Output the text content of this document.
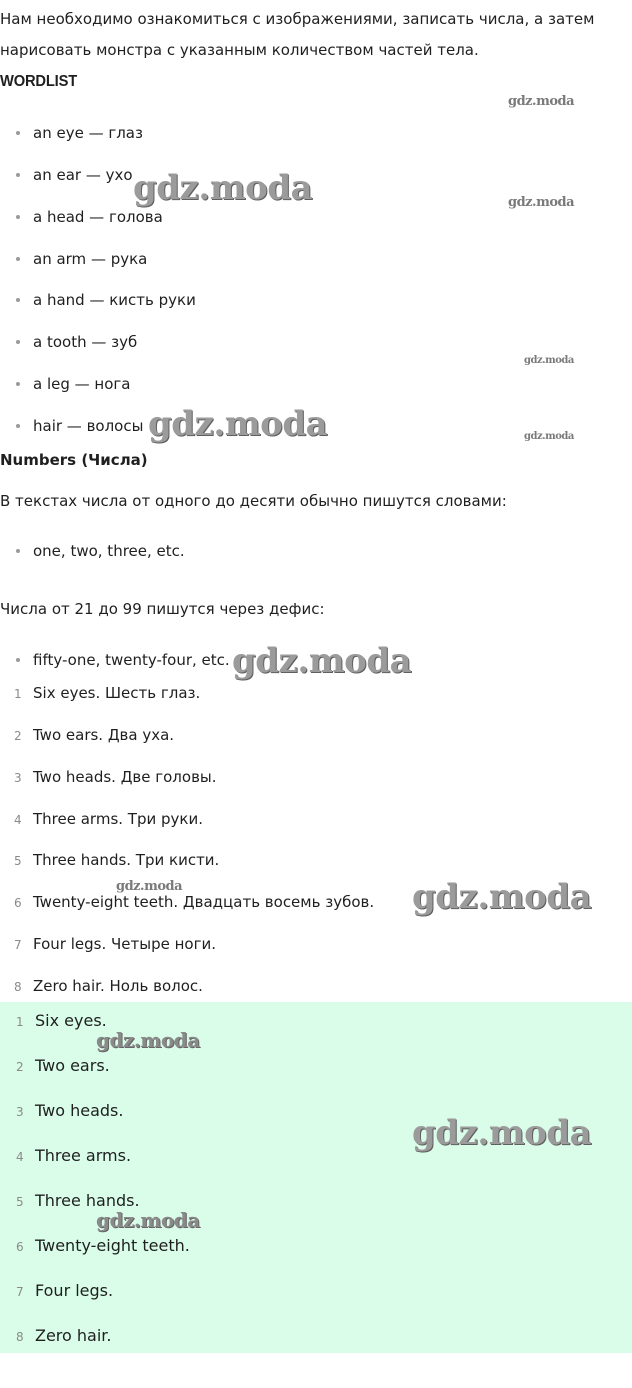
Нам необходимо ознакомиться с изображениями, записать числа, а затем нарисовать монстра с указанным количеством частей тела.
WORDLIST
an eye — глаз
an ear — ухо
a head — голова
an arm — рука
a hand — кисть руки
a tooth — зуб
a leg — нога
hair — волосы
Numbers (Числа)
В текстах числа от одного до десяти обычно пишутся словами:
one, two, three, etc.
Числа от 21 до 99 пишутся через дефис:
fifty-one, twenty-four, etc.
1 Six eyes. Шесть глаз.
2 Two ears. Два уха.
3 Two heads. Две головы.
4 Three arms. Три руки.
5 Three hands. Три кисти.
6 Twenty-eight teeth. Двадцать восемь зубов.
7 Four legs. Четыре ноги.
8 Zero hair. Ноль волос.
1 Six eyes.
2 Two ears.
3 Two heads.
4 Three arms.
5 Three hands.
6 Twenty-eight teeth.
7 Four legs.
8 Zero hair.
gdz.moda
gdz.moda	gdz.moda
gdz.moda
gdz.moda	gdz.moda
gdz.moda
gdz.moda	gdz.moda
gdz.moda
gdz.moda
gdz.moda
